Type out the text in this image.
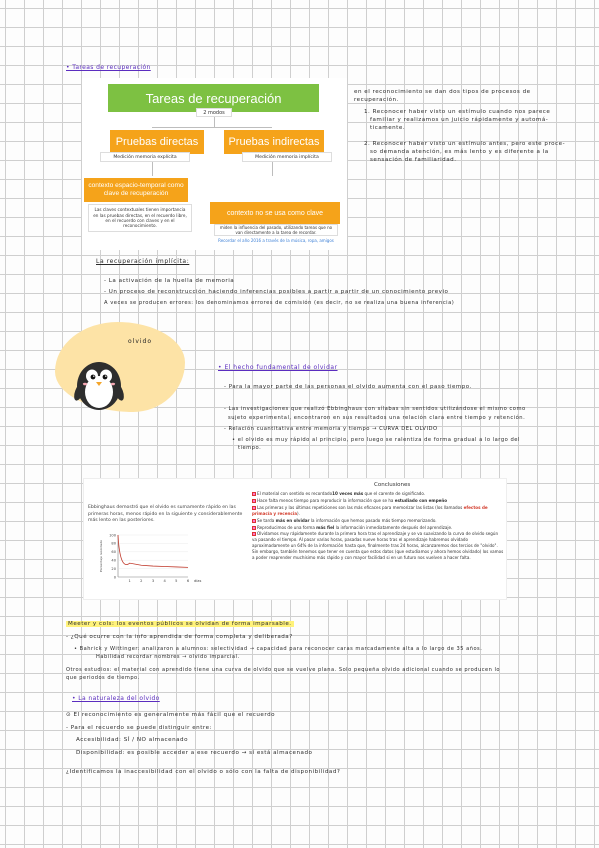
• Tareas de recuperación
Tareas de recuperación
2 modos
Pruebas directas	Pruebas indirectas
Medición memoria explícita	Medición memoria implícita
contexto espacio-temporal como clave de recuperación
contexto no se usa como clave
Las claves contextuales tienen importancia en las pruebas directas, en el recuerdo libre, en el recuerdo con claves y en el reconocimiento.	miden la influencia del pasado, utilizando tareas que no van directamente a la tarea de recordar.
Recordar el año 2016 a través de la música, ropa, amigos
en el reconocimiento se dan dos tipos de procesos de
recuperación.
1. Reconocer haber visto un estímulo cuando nos parece
familiar y realizamos un juicio rápidamente y automá-
ticamente.
2. Reconocer haber visto un estímulo antes, pero este proce-
so demanda atención, es más lento y es diferente a la
sensación de familiaridad.
La recuperación implícita:
- La activación de la huella de memoria
- Un proceso de reconstrucción haciendo inferencias posibles a partir a partir de un conocimiento previo
A veces se producen errores: los denominamos errores de comisión (es decir, no se realiza una buena inferencia)
olvido
• El hecho fundamental de olvidar
- Para la mayor parte de las personas el olvido aumenta con el paso tiempo.
- Las investigaciones que realizó Ebbinghaus con sílabas sin sentidos utilizándose el mismo como
sujeto experimental, encontraron en sus resultados una relación clara entre tiempo y retención.
- Relación cuantitativa entre memoria y tiempo → CURVA DEL OLVIDO
• el olvido es muy rápido al principio, pero luego se ralentiza de forma gradual a lo largo del
tiempo.
Ebbinghaus demostró que el olvido es sumamente rápido en las primeras horas, menos rápido en la siguiente y considerablemente más lento en las posteriores.
0
20
40
60
80
100
1	2	3	4	5	6 días
Porcentaje recordado
Conclusiones
El material con sentido es recordado10 veces más que el carente de significado.
Hace falta menos tiempo para reproducir la información que se ha estudiado con empeño
Las primeras y las últimas repeticiones son las más eficaces para memorizar las listas (los llamados efectos de primacía y recencia).
Se tarda más en olvidar la información que hemos pasado más tiempo memorizando.
Reproducimos de una forma más fiel la información inmediatamente después del aprendizaje.
Olvidamos muy rápidamente durante la primera hora tras el aprendizaje y se va suavizando la curva de olvido según va pasando el tiempo. Al pasar varias horas, pasadas nueve horas tras el aprendizaje habremos olvidado aproximadamente un 64% de la información hasta que, finalmente tras 24 horas, alcanzaremos dos tercios de "olvido". Sin embargo, también tenemos que tener en cuenta que estos datos (que estudiamos y ahora hemos olvidado) los vamos a poder reaprender muchísimo más rápido y con mayor facilidad si en un futuro nos vuelven a hacer falta.
Meeter y cols: los eventos públicos se olvidan de forma imparsable.
- ¿Qué ocurre con la info aprendida de forma completa y deliberada?
• Bahrick y Wittinger: analizaron a alumnos: selectividad → capacidad para reconocer caras marcadamente alta a lo largo de 35 años.
Habilidad recordar nombres → olvido imparcial.
Otros estudios: el material con aprendido tiene una curva de olvido que se vuelve plana. Solo pequeña olvido adicional cuando se producen lo
que periodos de tiempo.
• La naturaleza del olvido
⊙ El reconocimiento es generalmente más fácil que el recuerdo
- Para el recuerdo se puede distinguir entre:
Accesibilidad: SÍ / NO almacenado
Disponibilidad: es posible acceder a ese recuerdo → sí está almacenado
¿Identificamos la inaccesibilidad con el olvido o sólo con la falta de disponibilidad?
